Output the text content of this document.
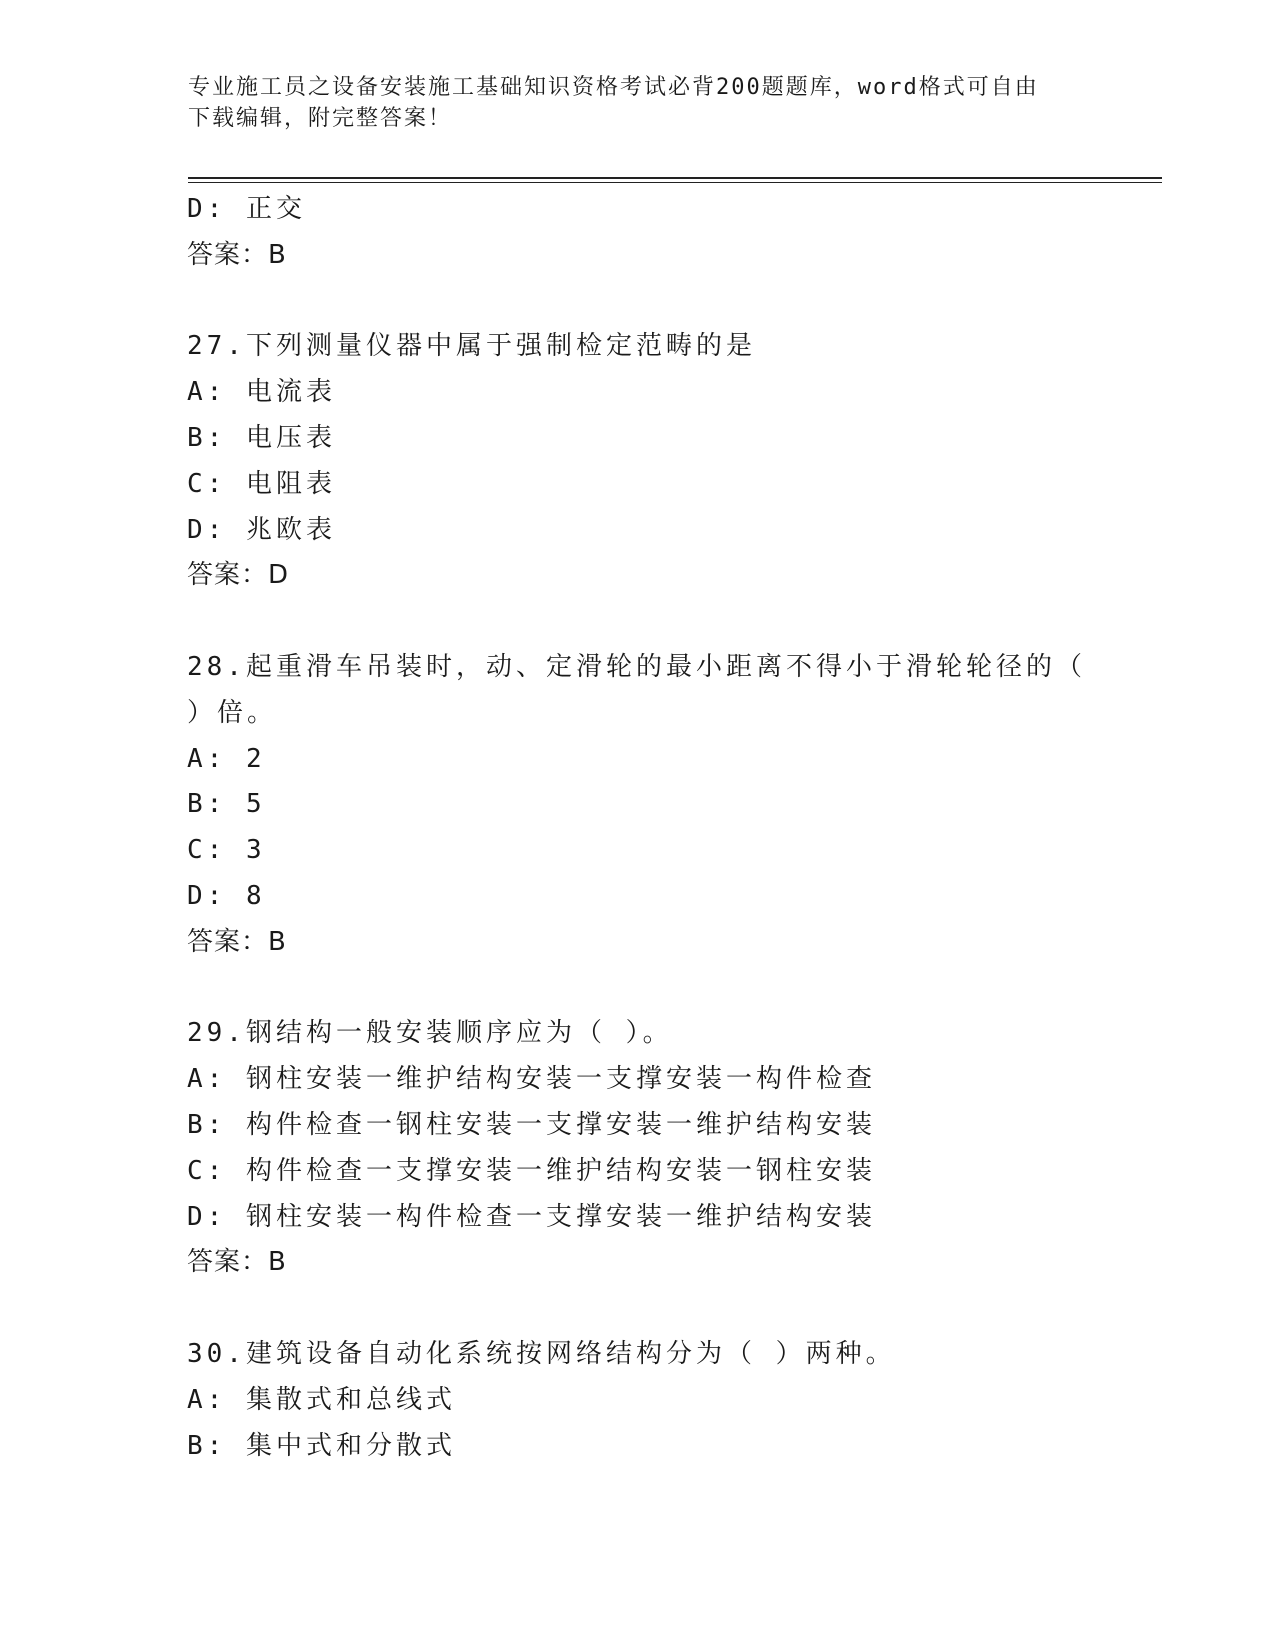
专业施工员之设备安装施工基础知识资格考试必背200题题库，word格式可自由
下载编辑，附完整答案！
D: 正交
答案：B
27.下列测量仪器中属于强制检定范畴的是
A: 电流表
B: 电压表
C: 电阻表
D: 兆欧表
答案：D
28.起重滑车吊装时，动、定滑轮的最小距离不得小于滑轮轮径的（
）倍。
A: 2
B: 5
C: 3
D: 8
答案：B
29.钢结构一般安装顺序应为（ ）。
A: 钢柱安装一维护结构安装一支撑安装一构件检查
B: 构件检查一钢柱安装一支撑安装一维护结构安装
C: 构件检查一支撑安装一维护结构安装一钢柱安装
D: 钢柱安装一构件检查一支撑安装一维护结构安装
答案：B
30.建筑设备自动化系统按网络结构分为（ ）两种。
A: 集散式和总线式
B: 集中式和分散式
